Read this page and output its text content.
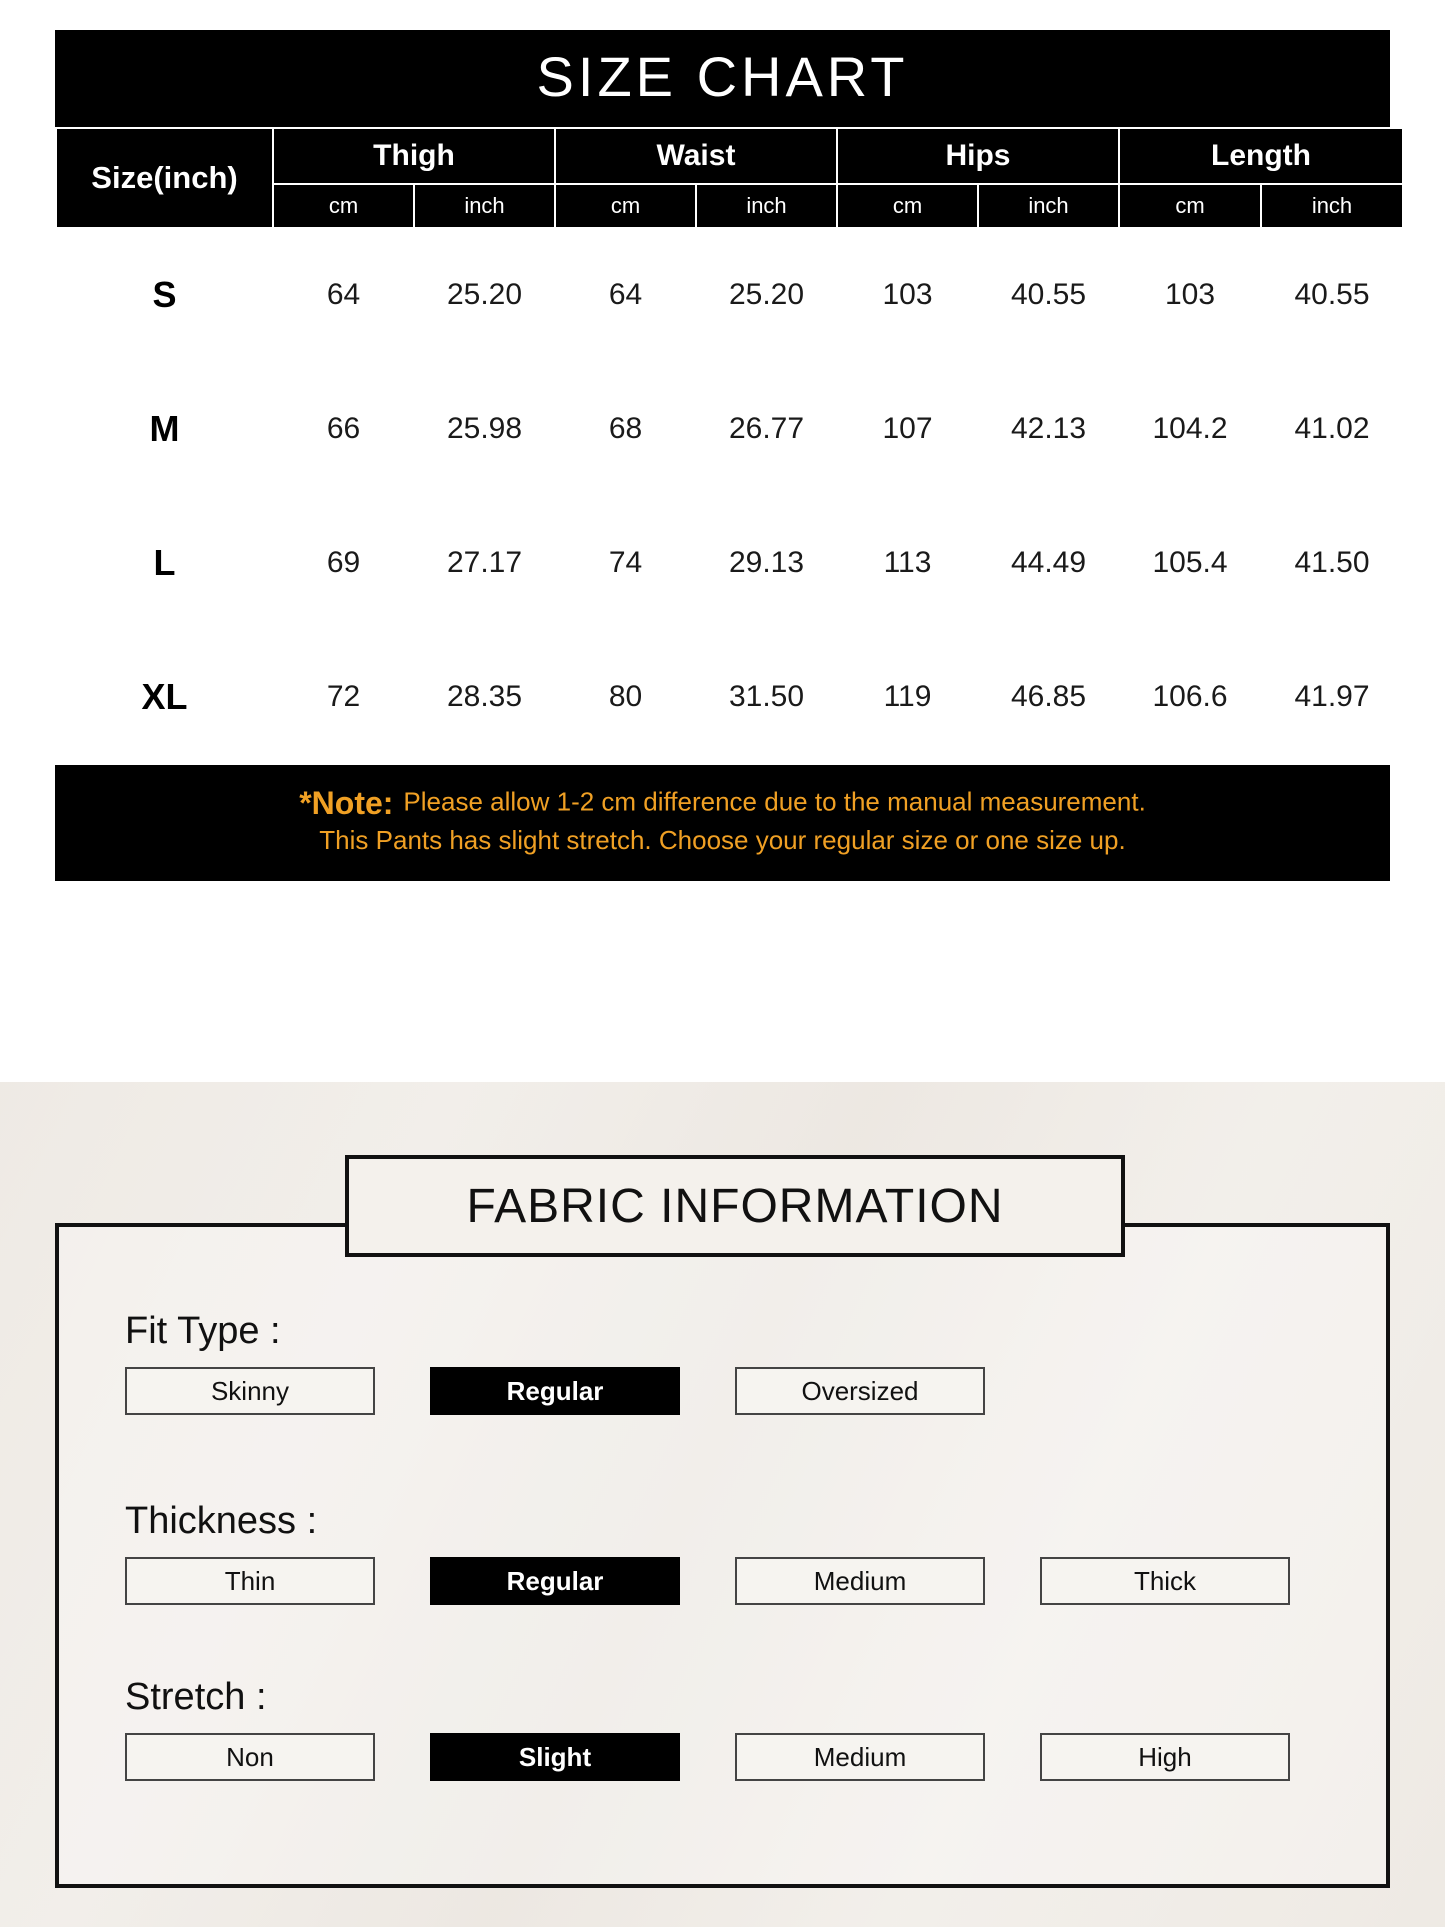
SIZE CHART
Size(inch)	Thigh		Waist		Hips		Length	
	cm	inch	cm	inch	cm	inch	cm	inch
S	64	25.20	64	25.20	103	40.55	103	40.55
M	66	25.98	68	26.77	107	42.13	104.2	41.02
L	69	27.17	74	29.13	113	44.49	105.4	41.50
XL	72	28.35	80	31.50	119	46.85	106.6	41.97
*Note: Please allow 1-2 cm difference due to the manual measurement.
This Pants has slight stretch. Choose your regular size or one size up.
FABRIC INFORMATION
Fit Type :
Skinny	Regular	Oversized
Thickness :
Thin	Regular	Medium	Thick
Stretch :
Non	Slight	Medium	High
